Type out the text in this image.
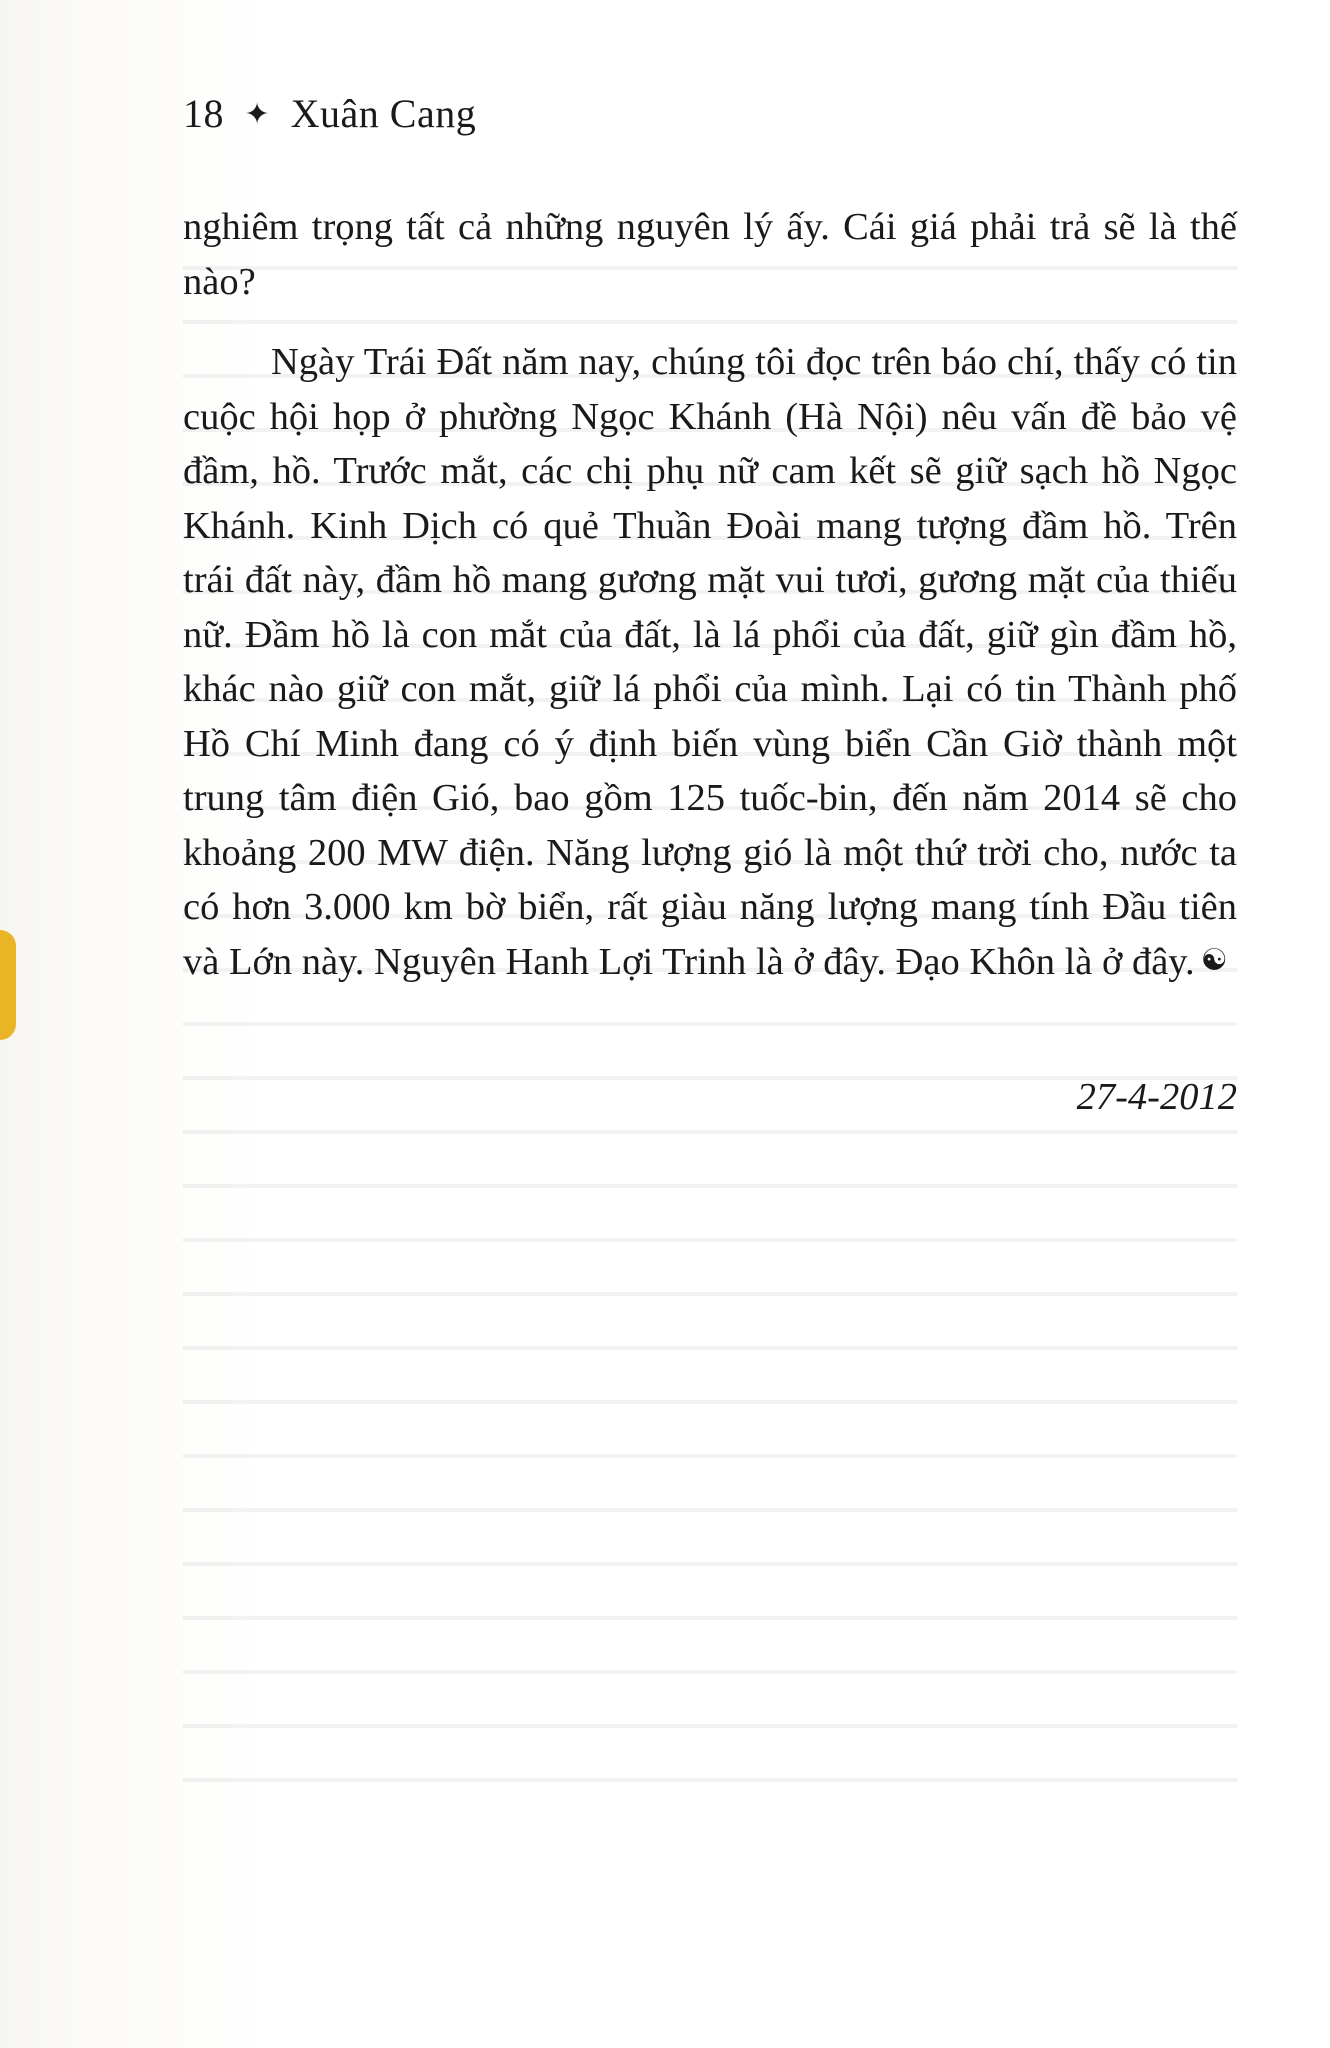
18 ✦ Xuân Cang

nghiêm trọng tất cả những nguyên lý ấy. Cái giá phải trả sẽ là thế nào?

Ngày Trái Đất năm nay, chúng tôi đọc trên báo chí, thấy có tin cuộc hội họp ở phường Ngọc Khánh (Hà Nội) nêu vấn đề bảo vệ đầm, hồ. Trước mắt, các chị phụ nữ cam kết sẽ giữ sạch hồ Ngọc Khánh. Kinh Dịch có quẻ Thuần Đoài mang tượng đầm hồ. Trên trái đất này, đầm hồ mang gương mặt vui tươi, gương mặt của thiếu nữ. Đầm hồ là con mắt của đất, là lá phổi của đất, giữ gìn đầm hồ, khác nào giữ con mắt, giữ lá phổi của mình. Lại có tin Thành phố Hồ Chí Minh đang có ý định biến vùng biển Cần Giờ thành một trung tâm điện Gió, bao gồm 125 tuốc-bin, đến năm 2014 sẽ cho khoảng 200 MW điện. Năng lượng gió là một thứ trời cho, nước ta có hơn 3.000 km bờ biển, rất giàu năng lượng mang tính Đầu tiên và Lớn này. Nguyên Hanh Lợi Trinh là ở đây. Đạo Khôn là ở đây. ☯

27-4-2012
